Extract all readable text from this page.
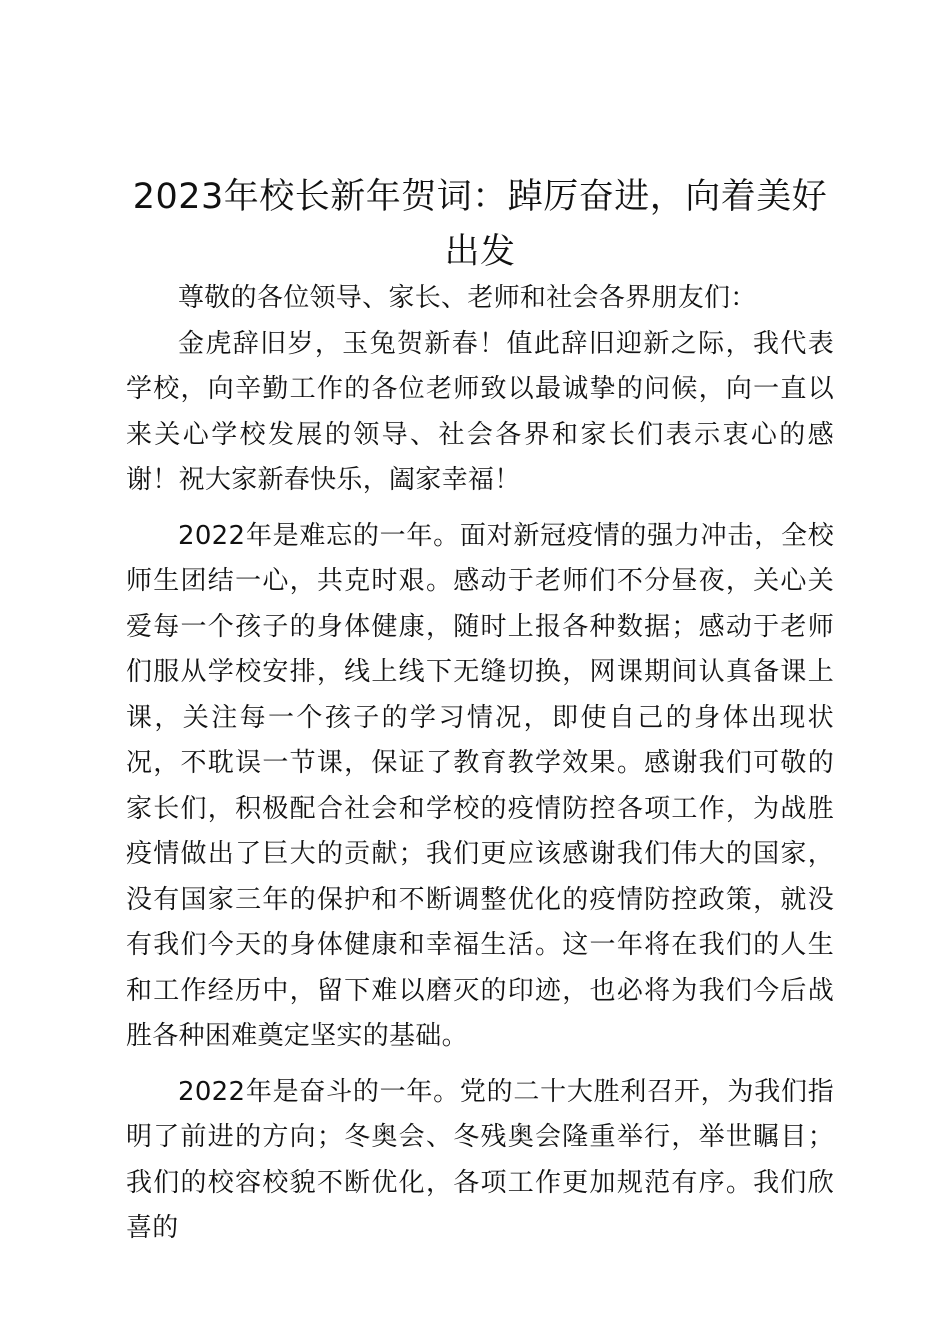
2023年校长新年贺词：踔厉奋进，向着美好出发

尊敬的各位领导、家长、老师和社会各界朋友们：

金虎辞旧岁，玉兔贺新春！值此辞旧迎新之际，我代表学校，向辛勤工作的各位老师致以最诚挚的问候，向一直以来关心学校发展的领导、社会各界和家长们表示衷心的感谢！祝大家新春快乐，阖家幸福！

2022年是难忘的一年。面对新冠疫情的强力冲击，全校师生团结一心，共克时艰。感动于老师们不分昼夜，关心关爱每一个孩子的身体健康，随时上报各种数据；感动于老师们服从学校安排，线上线下无缝切换，网课期间认真备课上课，关注每一个孩子的学习情况，即使自己的身体出现状况，不耽误一节课，保证了教育教学效果。感谢我们可敬的家长们，积极配合社会和学校的疫情防控各项工作，为战胜疫情做出了巨大的贡献；我们更应该感谢我们伟大的国家，没有国家三年的保护和不断调整优化的疫情防控政策，就没有我们今天的身体健康和幸福生活。这一年将在我们的人生和工作经历中，留下难以磨灭的印迹，也必将为我们今后战胜各种困难奠定坚实的基础。

2022年是奋斗的一年。党的二十大胜利召开，为我们指明了前进的方向；冬奥会、冬残奥会隆重举行，举世瞩目；我们的校容校貌不断优化，各项工作更加规范有序。我们欣喜的
